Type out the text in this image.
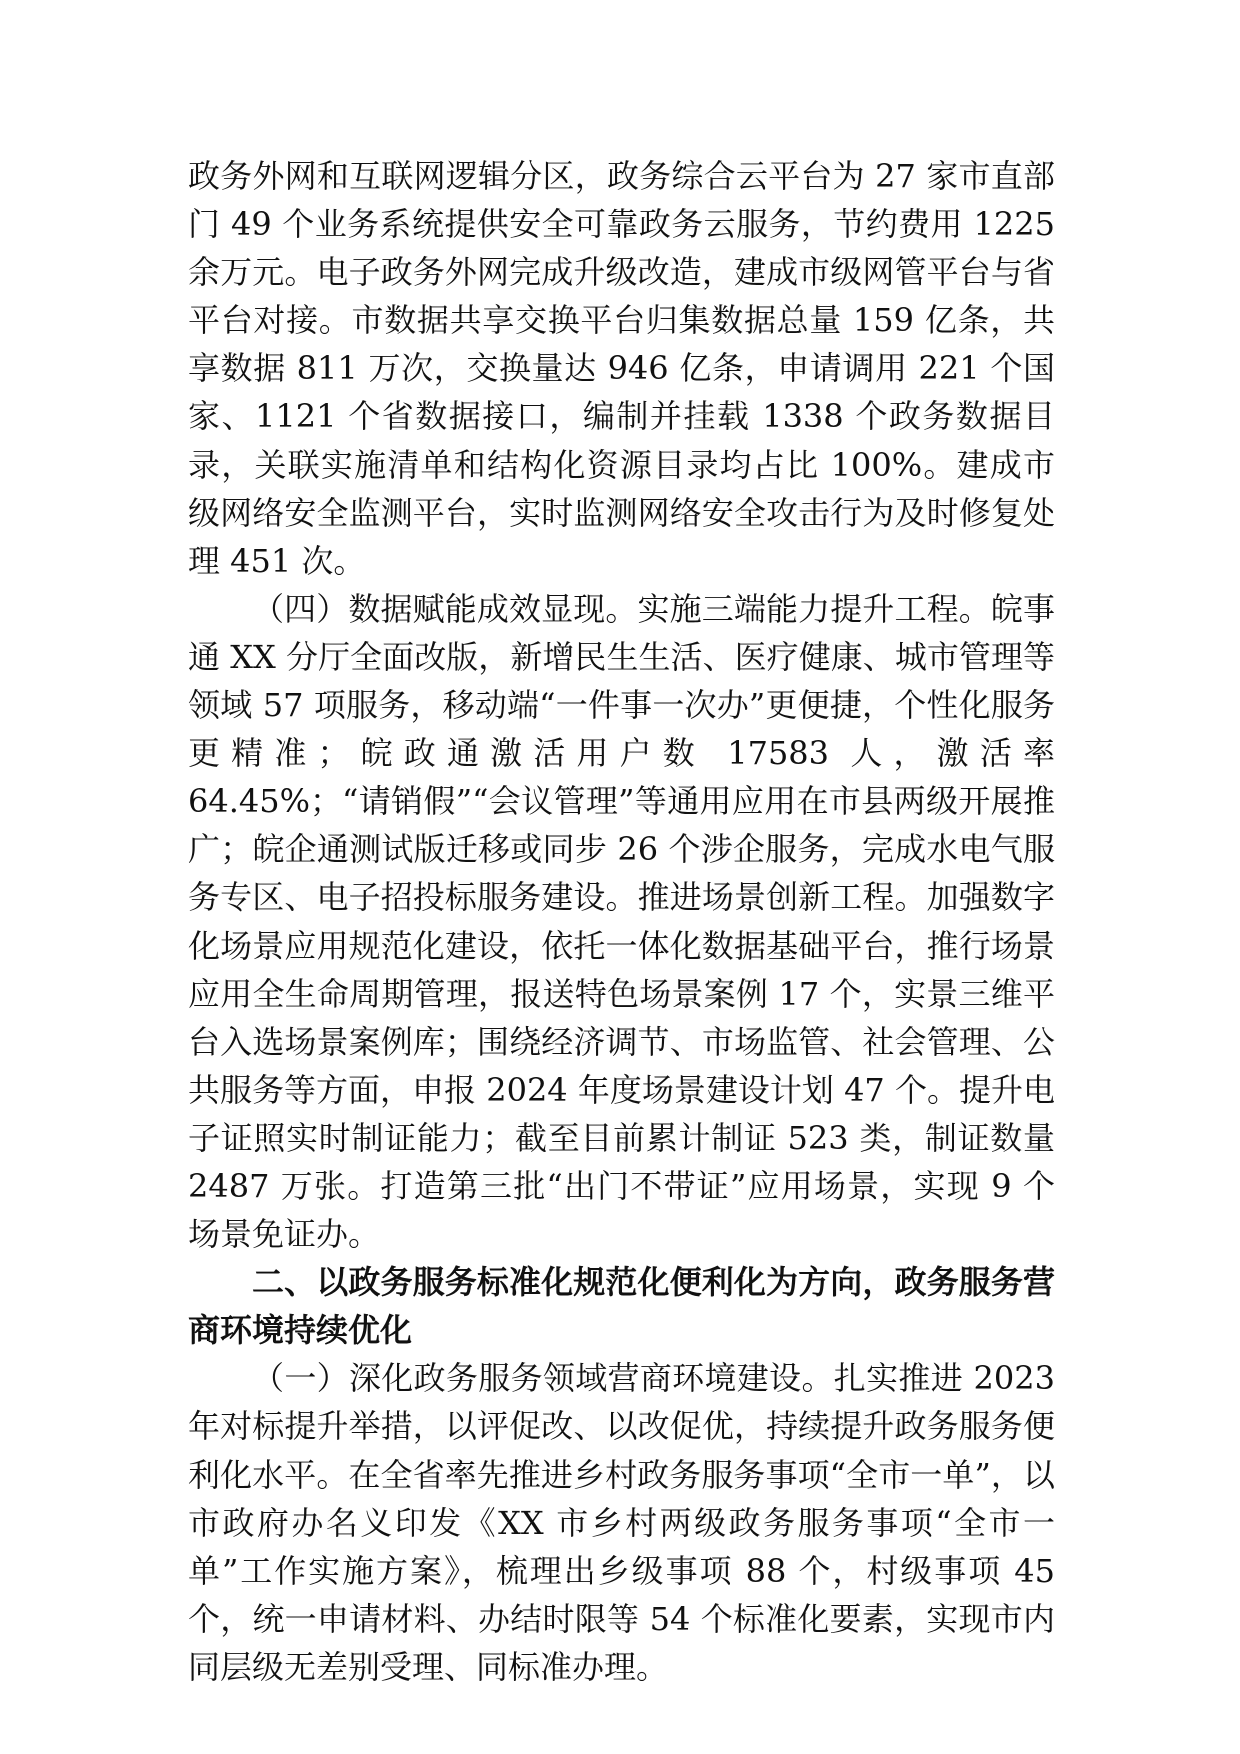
政务外网和互联网逻辑分区，政务综合云平台为 27 家市直部门 49 个业务系统提供安全可靠政务云服务，节约费用 1225 余万元。电子政务外网完成升级改造，建成市级网管平台与省平台对接。市数据共享交换平台归集数据总量 159 亿条，共享数据 811 万次，交换量达 946 亿条，申请调用 221 个国家、1121 个省数据接口，编制并挂载 1338 个政务数据目录，关联实施清单和结构化资源目录均占比 100%。建成市级网络安全监测平台，实时监测网络安全攻击行为及时修复处理 451 次。

（四）数据赋能成效显现。实施三端能力提升工程。皖事通 XX 分厅全面改版，新增民生生活、医疗健康、城市管理等领域 57 项服务，移动端“一件事一次办”更便捷，个性化服务更精准；皖政通激活用户数 17583 人，激活率 64.45%；“请销假”“会议管理”等通用应用在市县两级开展推广；皖企通测试版迁移或同步 26 个涉企服务，完成水电气服务专区、电子招投标服务建设。推进场景创新工程。加强数字化场景应用规范化建设，依托一体化数据基础平台，推行场景应用全生命周期管理，报送特色场景案例 17 个，实景三维平台入选场景案例库；围绕经济调节、市场监管、社会管理、公共服务等方面，申报 2024 年度场景建设计划 47 个。提升电子证照实时制证能力；截至目前累计制证 523 类，制证数量 2487 万张。打造第三批“出门不带证”应用场景，实现 9 个场景免证办。

二、以政务服务标准化规范化便利化为方向，政务服务营商环境持续优化

（一）深化政务服务领域营商环境建设。扎实推进 2023 年对标提升举措，以评促改、以改促优，持续提升政务服务便利化水平。在全省率先推进乡村政务服务事项“全市一单”，以市政府办名义印发《XX 市乡村两级政务服务事项“全市一单”工作实施方案》，梳理出乡级事项 88 个，村级事项 45 个，统一申请材料、办结时限等 54 个标准化要素，实现市内同层级无差别受理、同标准办理。
